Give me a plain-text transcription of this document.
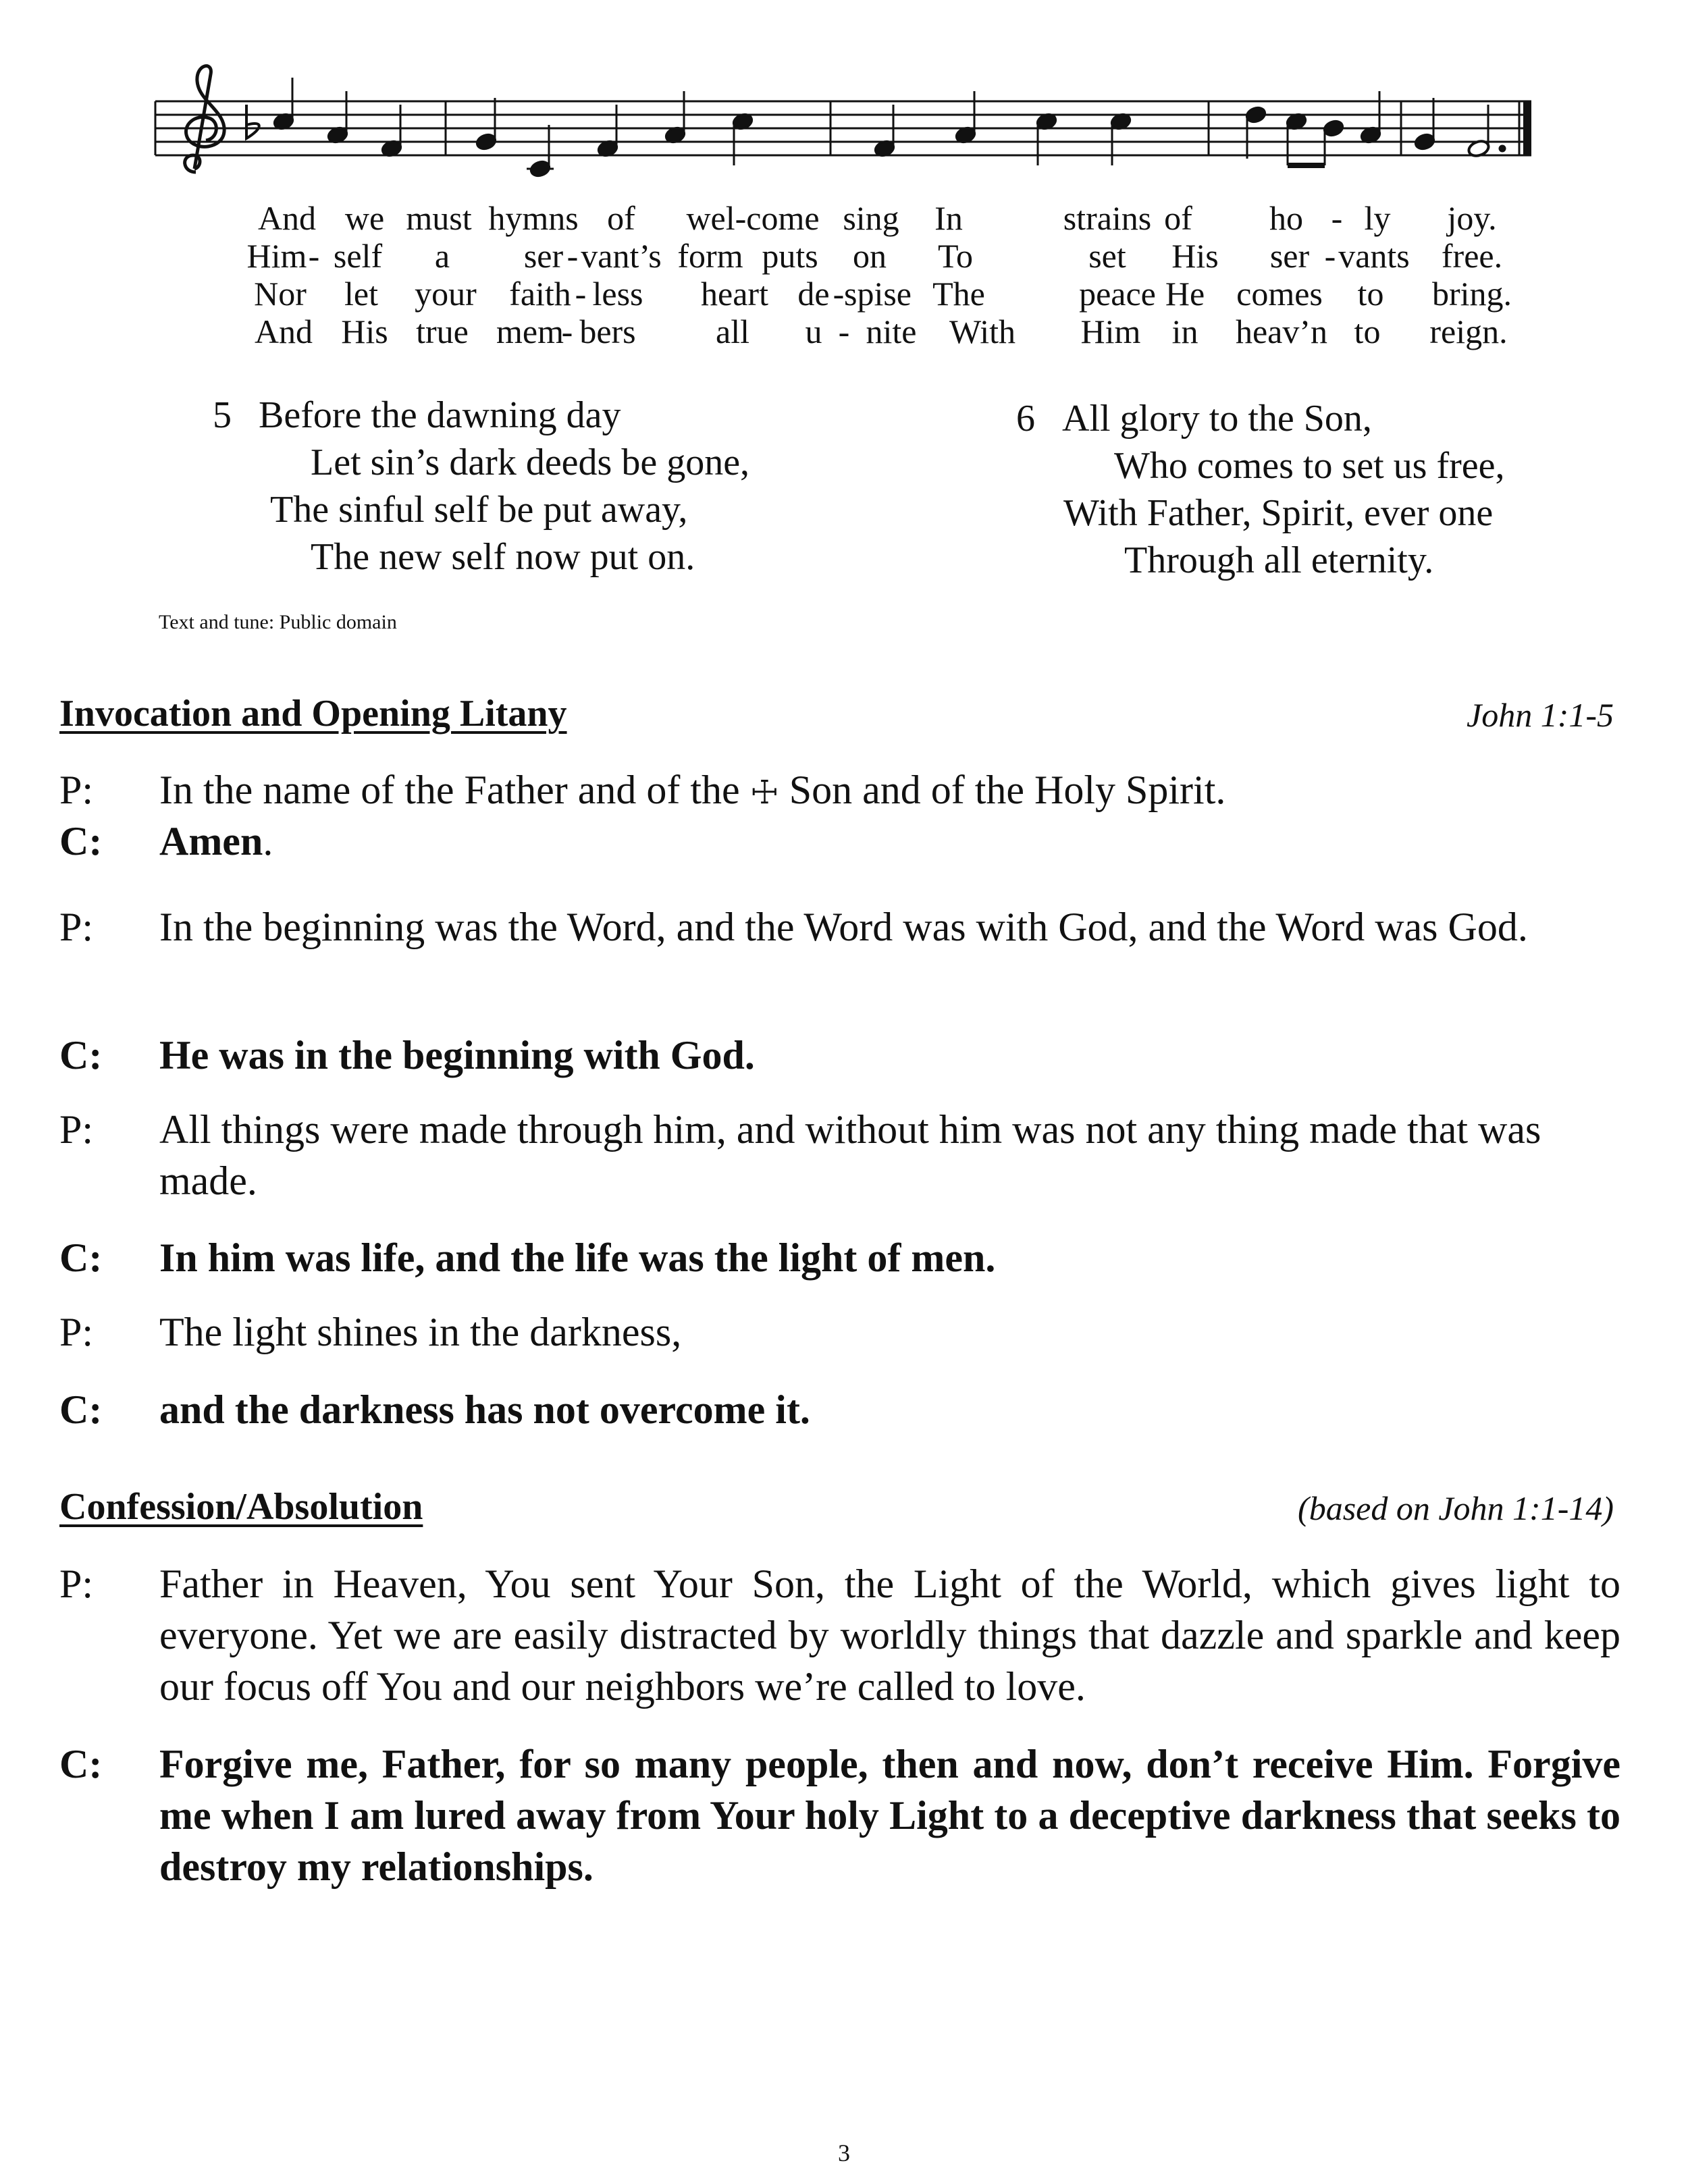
And we must hymns of wel-come sing In	strains of ho - ly joy.
Him - self a ser - vant’s form puts on To	set His ser - vants free.
Nor let your faith - less heart de - spise The	peace He comes to bring.
And His true mem
- bers all u - nite With Him in heav’n to reign.
5 Before the dawning day
Let sin’s dark deeds be gone,
The sinful self be put away,
The new self now put on.
6 All glory to the Son,
Who comes to set us free,
With Father, Spirit, ever one
Through all eternity.
Text and tune: Public domain
Invocation and Opening Litany	John 1:1-5
P:	In the name of the Father and of the ☩ Son and of the Holy Spirit.
C:	Amen.
P:	In the beginning was the Word, and the Word was with God, and the Word was God.
C:	He was in the beginning with God.
P:	All things were made through him, and without him was not any thing made that was made.
C:	In him was life, and the life was the light of men.
P:	The light shines in the darkness,
C:	and the darkness has not overcome it.
Confession/Absolution	(based on John 1:1-14)
P:	Father in Heaven, You sent Your Son, the Light of the World, which gives light to everyone. Yet we are easily distracted by worldly things that dazzle and sparkle and keep our focus off You and our neighbors we’re called to love.
C:	Forgive me, Father, for so many people, then and now, don’t receive Him. Forgive me when I am lured away from Your holy Light to a deceptive darkness that seeks to destroy my relationships.
3
